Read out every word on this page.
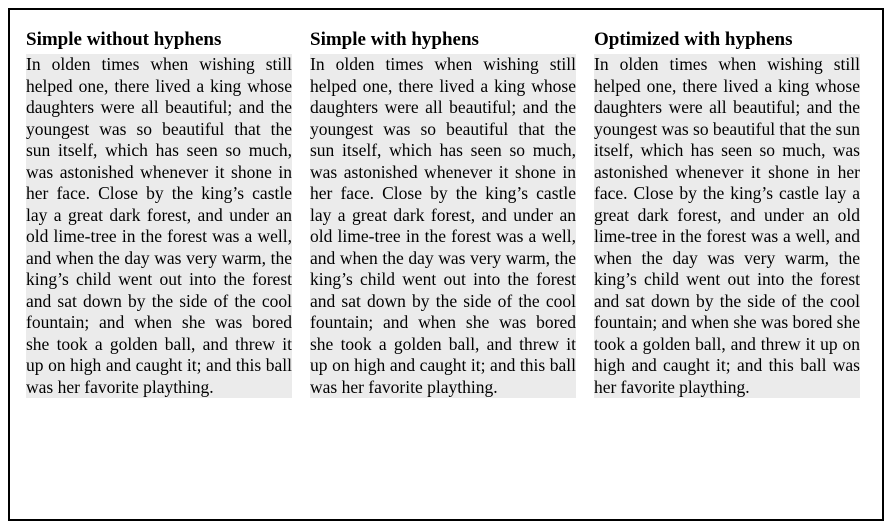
Simple without hyphens

In olden times when wishing still helped one, there lived a king whose daughters were all beautiful; and the youngest was so beautiful that the sun itself, which has seen so much, was astonished whenever it shone in her face. Close by the king’s castle lay a great dark forest, and under an old lime-tree in the forest was a well, and when the day was very warm, the king’s child went out into the forest and sat down by the side of the cool fountain; and when she was bored she took a golden ball, and threw it up on high and caught it; and this ball was her favorite plaything.

Simple with hyphens

In olden times when wishing still helped one, there lived a king whose daughters were all beautiful; and the youngest was so beautiful that the sun itself, which has seen so much, was astonished whenever it shone in her face. Close by the king’s castle lay a great dark forest, and under an old lime-tree in the forest was a well, and when the day was very warm, the king’s child went out into the forest and sat down by the side of the cool fountain; and when she was bored she took a golden ball, and threw it up on high and caught it; and this ball was her favorite plaything.

Optimized with hyphens

In olden times when wishing still helped one, there lived a king whose daughters were all beautiful; and the youngest was so beautiful that the sun itself, which has seen so much, was astonished whenever it shone in her face. Close by the king’s castle lay a great dark forest, and under an old lime-tree in the forest was a well, and when the day was very warm, the king’s child went out into the forest and sat down by the side of the cool fountain; and when she was bored she took a golden ball, and threw it up on high and caught it; and this ball was her favorite plaything.
